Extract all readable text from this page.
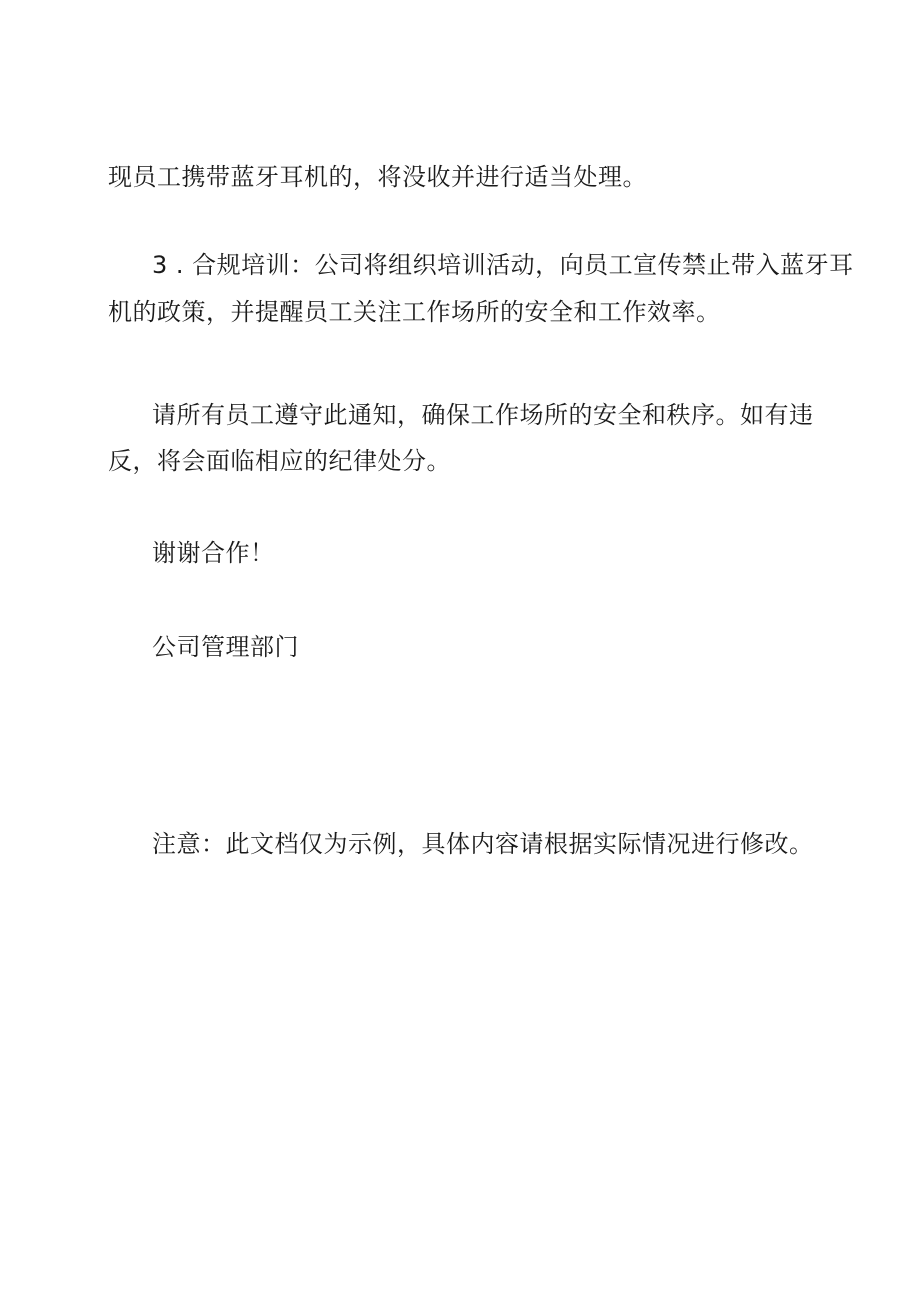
现员工携带蓝牙耳机的，将没收并进行适当处理。
3 . 合规培训：公司将组织培训活动，向员工宣传禁止带入蓝牙耳
机的政策，并提醒员工关注工作场所的安全和工作效率。
请所有员工遵守此通知，确保工作场所的安全和秩序。如有违
反，将会面临相应的纪律处分。
谢谢合作！
公司管理部门
注意：此文档仅为示例，具体内容请根据实际情况进行修改。
